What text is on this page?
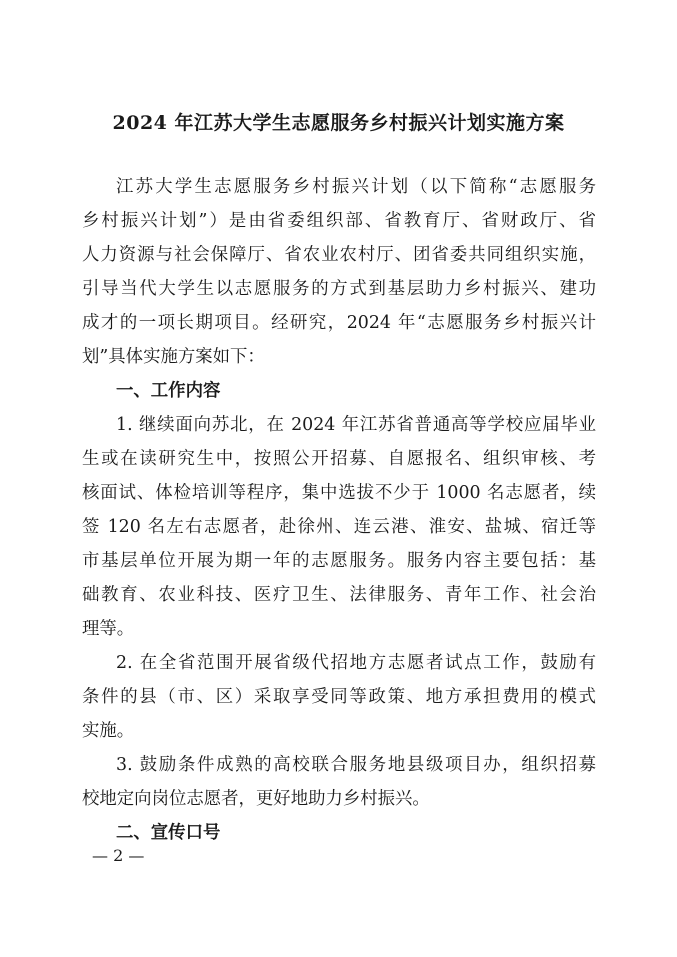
2024 年江苏大学生志愿服务乡村振兴计划实施方案
江苏大学生志愿服务乡村振兴计划（以下简称“志愿服务
乡村振兴计划”）是由省委组织部、省教育厅、省财政厅、省
人力资源与社会保障厅、省农业农村厅、团省委共同组织实施，
引导当代大学生以志愿服务的方式到基层助力乡村振兴、建功
成才的一项长期项目。经研究，2024 年“志愿服务乡村振兴计
划”具体实施方案如下：
一、工作内容
1. 继续面向苏北，在 2024 年江苏省普通高等学校应届毕业
生或在读研究生中，按照公开招募、自愿报名、组织审核、考
核面试、体检培训等程序，集中选拔不少于 1000 名志愿者，续
签 120 名左右志愿者，赴徐州、连云港、淮安、盐城、宿迁等
市基层单位开展为期一年的志愿服务。服务内容主要包括：基
础教育、农业科技、医疗卫生、法律服务、青年工作、社会治
理等。
2. 在全省范围开展省级代招地方志愿者试点工作，鼓励有
条件的县（市、区）采取享受同等政策、地方承担费用的模式
实施。
3. 鼓励条件成熟的高校联合服务地县级项目办，组织招募
校地定向岗位志愿者，更好地助力乡村振兴。
二、宣传口号
— 2 —
